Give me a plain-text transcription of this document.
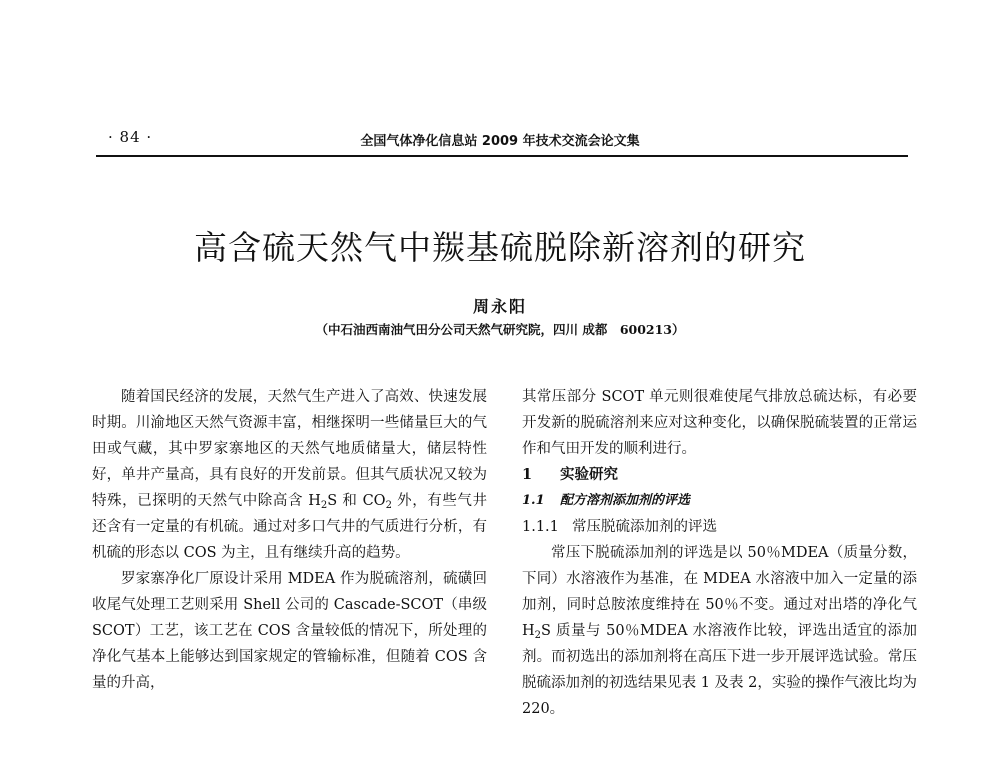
· 84 ·	全国气体净化信息站 2009 年技术交流会论文集
高含硫天然气中羰基硫脱除新溶剂的研究
周永阳
（中石油西南油气田分公司天然气研究院，四川 成都　600213）

随着国民经济的发展，天然气生产进入了高效、快速发展时期。川渝地区天然气资源丰富，相继探明一些储量巨大的气田或气藏，其中罗家寨地区的天然气地质储量大，储层特性好，单井产量高，具有良好的开发前景。但其气质状况又较为特殊，已探明的天然气中除高含 $H_2S$ 和 $CO_2$ 外，有些气井还含有一定量的有机硫。通过对多口气井的气质进行分析，有机硫的形态以 COS 为主，且有继续升高的趋势。

罗家寨净化厂原设计采用 MDEA 作为脱硫溶剂，硫磺回收尾气处理工艺则采用 Shell 公司的 Cascade-SCOT（串级 SCOT）工艺，该工艺在 COS 含量较低的情况下，所处理的净化气基本上能够达到国家规定的管输标准，但随着 COS 含量的升高，

其常压部分 SCOT 单元则很难使尾气排放总硫达标，有必要开发新的脱硫溶剂来应对这种变化，以确保脱硫装置的正常运作和气田开发的顺利进行。

1 实验研究
1.1 配方溶剂添加剂的评选
1.1.1 常压脱硫添加剂的评选

常压下脱硫添加剂的评选是以 50％MDEA（质量分数，下同）水溶液作为基准，在 MDEA 水溶液中加入一定量的添加剂，同时总胺浓度维持在 50％不变。通过对出塔的净化气 $H_2S$ 质量与 50％MDEA 水溶液作比较，评选出适宜的添加剂。而初选出的添加剂将在高压下进一步开展评选试验。常压脱硫添加剂的初选结果见表 1 及表 2，实验的操作气液比均为 220。
